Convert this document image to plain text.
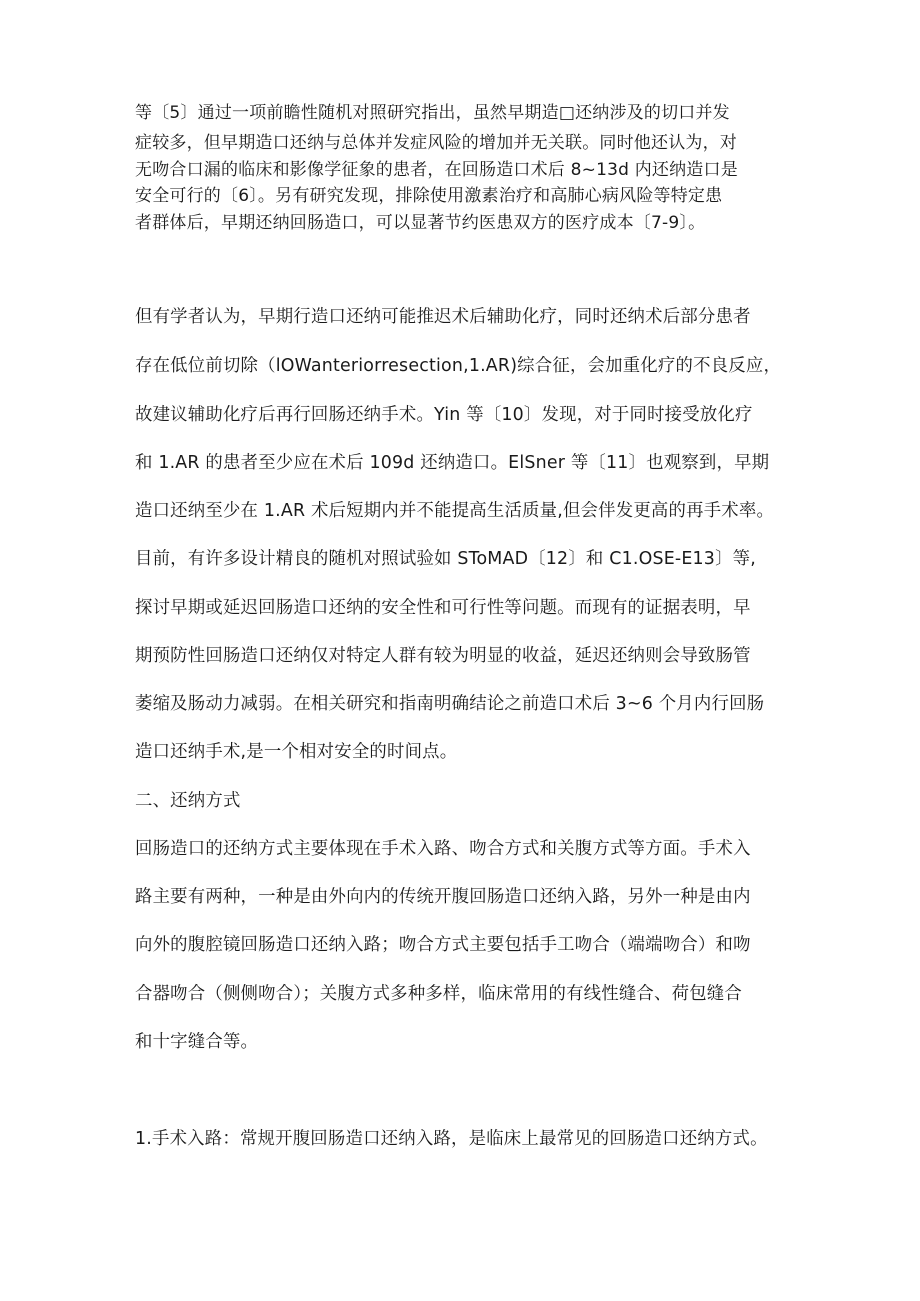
等〔5〕通过一项前瞻性随机对照研究指出，虽然早期造□还纳涉及的切口并发
症较多，但早期造口还纳与总体并发症风险的增加并无关联。同时他还认为，对
无吻合口漏的临床和影像学征象的患者，在回肠造口术后 8~13d 内还纳造口是
安全可行的〔6〕。另有研究发现，排除使用激素治疗和高肺心病风险等特定患
者群体后，早期还纳回肠造口，可以显著节约医患双方的医疗成本〔7-9〕。
但有学者认为，早期行造口还纳可能推迟术后辅助化疗，同时还纳术后部分患者
存在低位前切除（lOWanteriorresection,1.AR)综合征，会加重化疗的不良反应，
故建议辅助化疗后再行回肠还纳手术。Yin 等〔10〕发现，对于同时接受放化疗
和 1.AR 的患者至少应在术后 109d 还纳造口。ElSner 等〔11〕也观察到，早期
造口还纳至少在 1.AR 术后短期内并不能提高生活质量,但会伴发更高的再手术率。
目前，有许多设计精良的随机对照试验如 SToMAD〔12〕和 C1.OSE-E13〕等,
探讨早期或延迟回肠造口还纳的安全性和可行性等问题。而现有的证据表明，早
期预防性回肠造口还纳仅对特定人群有较为明显的收益，延迟还纳则会导致肠管
萎缩及肠动力减弱。在相关研究和指南明确结论之前造口术后 3~6 个月内行回肠
造口还纳手术,是一个相对安全的时间点。
二、还纳方式
回肠造口的还纳方式主要体现在手术入路、吻合方式和关腹方式等方面。手术入
路主要有两种，一种是由外向内的传统开腹回肠造口还纳入路，另外一种是由内
向外的腹腔镜回肠造口还纳入路；吻合方式主要包括手工吻合（端端吻合）和吻
合器吻合（侧侧吻合）；关腹方式多种多样，临床常用的有线性缝合、荷包缝合
和十字缝合等。
1.手术入路：常规开腹回肠造口还纳入路，是临床上最常见的回肠造口还纳方式。
